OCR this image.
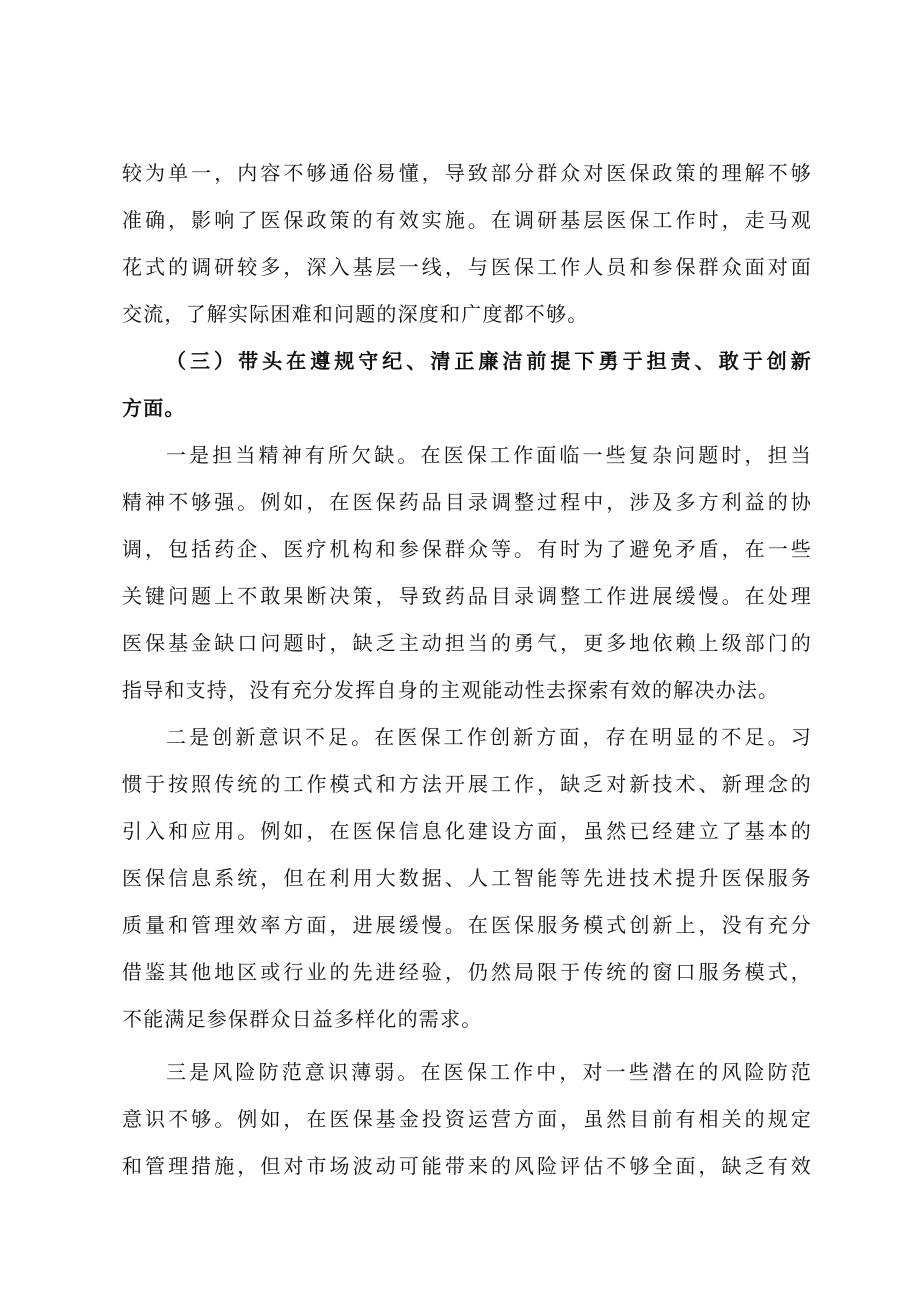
较为单一，内容不够通俗易懂，导致部分群众对医保政策的理解不够
准确，影响了医保政策的有效实施。在调研基层医保工作时，走马观
花式的调研较多，深入基层一线，与医保工作人员和参保群众面对面
交流，了解实际困难和问题的深度和广度都不够。
（三）带头在遵规守纪、清正廉洁前提下勇于担责、敢于创新
方面。
一是担当精神有所欠缺。在医保工作面临一些复杂问题时，担当
精神不够强。例如，在医保药品目录调整过程中，涉及多方利益的协
调，包括药企、医疗机构和参保群众等。有时为了避免矛盾，在一些
关键问题上不敢果断决策，导致药品目录调整工作进展缓慢。在处理
医保基金缺口问题时，缺乏主动担当的勇气，更多地依赖上级部门的
指导和支持，没有充分发挥自身的主观能动性去探索有效的解决办法。
二是创新意识不足。在医保工作创新方面，存在明显的不足。习
惯于按照传统的工作模式和方法开展工作，缺乏对新技术、新理念的
引入和应用。例如，在医保信息化建设方面，虽然已经建立了基本的
医保信息系统，但在利用大数据、人工智能等先进技术提升医保服务
质量和管理效率方面，进展缓慢。在医保服务模式创新上，没有充分
借鉴其他地区或行业的先进经验，仍然局限于传统的窗口服务模式，
不能满足参保群众日益多样化的需求。
三是风险防范意识薄弱。在医保工作中，对一些潜在的风险防范
意识不够。例如，在医保基金投资运营方面，虽然目前有相关的规定
和管理措施，但对市场波动可能带来的风险评估不够全面，缺乏有效
